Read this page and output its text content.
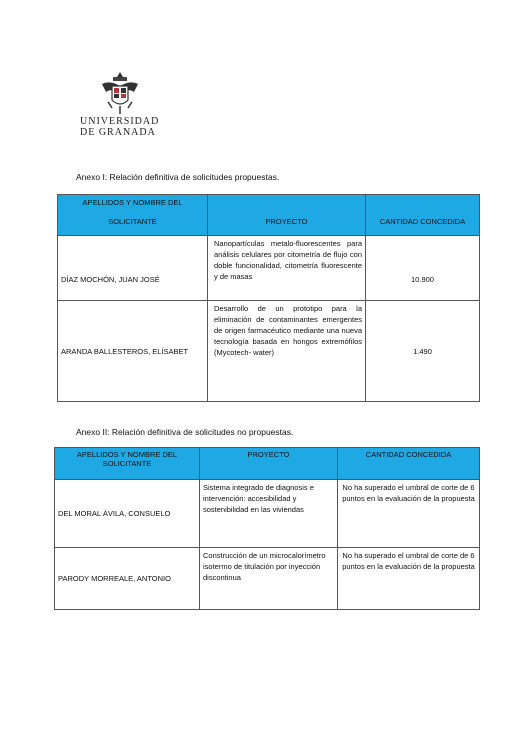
UNIVERSIDAD
DE GRANADA
Anexo I: Relación definitiva de solicitudes propuestas.
APELLIDOS Y NOMBRE DEL
SOLICITANTE	PROYECTO	CANTIDAD CONCEDIDA
DÍAZ MOCHÓN, JUAN JOSÉ	Nanopartículas metalo-fluorescentes para análisis celulares por citometría de flujo con doble funcionalidad, citometría fluorescente y de masas	10.900
ARANDA BALLESTEROS, ELÍSABET	Desarrollo de un prototipo para la eliminación de contaminantes emergentes de origen farmacéutico mediante una nueva tecnología basada en hongos extremófilos (Mycotech- water)	1.490
Anexo II: Relación definitiva de solicitudes no propuestas.
APELLIDOS Y NOMBRE DEL SOLICITANTE	PROYECTO	CANTIDAD CONCEDIDA
DEL MORAL ÁVILA, CONSUELO	Sistema integrado de diagnosis e intervención: accesibilidad y sostenibilidad en las viviendas	No ha superado el umbral de corte de 6 puntos en la evaluación de la propuesta
PARODY MORREALE, ANTONIO	Construcción de un microcalorímetro isotermo de titulación por inyección discontinua	No ha superado el umbral de corte de 6 puntos en la evaluación de la propuesta
